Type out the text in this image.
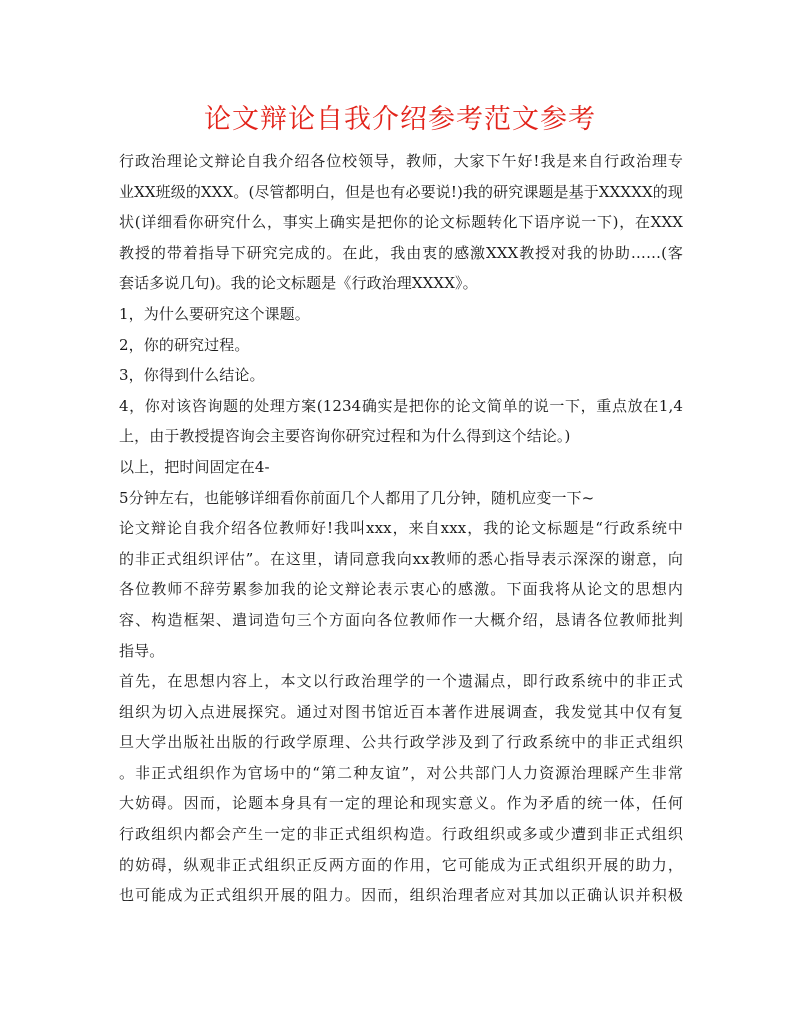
论文辩论自我介绍参考范文参考
行政治理论文辩论自我介绍各位校领导，教师，大家下午好!我是来自行政治理专
业XX班级的XXX。(尽管都明白，但是也有必要说!)我的研究课题是基于XXXXX的现
状(详细看你研究什么，事实上确实是把你的论文标题转化下语序说一下)，在XXX
教授的带着指导下研究完成的。在此，我由衷的感激XXX教授对我的协助……(客
套话多说几句)。我的论文标题是《行政治理XXXX》。
1，为什么要研究这个课题。
2，你的研究过程。
3，你得到什么结论。
4，你对该咨询题的处理方案(1234确实是把你的论文简单的说一下，重点放在1,4
上，由于教授提咨询会主要咨询你研究过程和为什么得到这个结论。)
以上，把时间固定在4-
5分钟左右，也能够详细看你前面几个人都用了几分钟，随机应变一下~
论文辩论自我介绍各位教师好!我叫xxx，来自xxx，我的论文标题是“行政系统中
的非正式组织评估”。在这里，请同意我向xx教师的悉心指导表示深深的谢意，向
各位教师不辞劳累参加我的论文辩论表示衷心的感激。下面我将从论文的思想内
容、构造框架、遣词造句三个方面向各位教师作一大概介绍，恳请各位教师批判
指导。
首先，在思想内容上，本文以行政治理学的一个遗漏点，即行政系统中的非正式
组织为切入点进展探究。通过对图书馆近百本著作进展调查，我发觉其中仅有复
旦大学出版社出版的行政学原理、公共行政学涉及到了行政系统中的非正式组织
。非正式组织作为官场中的“第二种友谊”，对公共部门人力资源治理睬产生非常
大妨碍。因而，论题本身具有一定的理论和现实意义。作为矛盾的统一体，任何
行政组织内都会产生一定的非正式组织构造。行政组织或多或少遭到非正式组织
的妨碍，纵观非正式组织正反两方面的作用，它可能成为正式组织开展的助力，
也可能成为正式组织开展的阻力。因而，组织治理者应对其加以正确认识并积极
